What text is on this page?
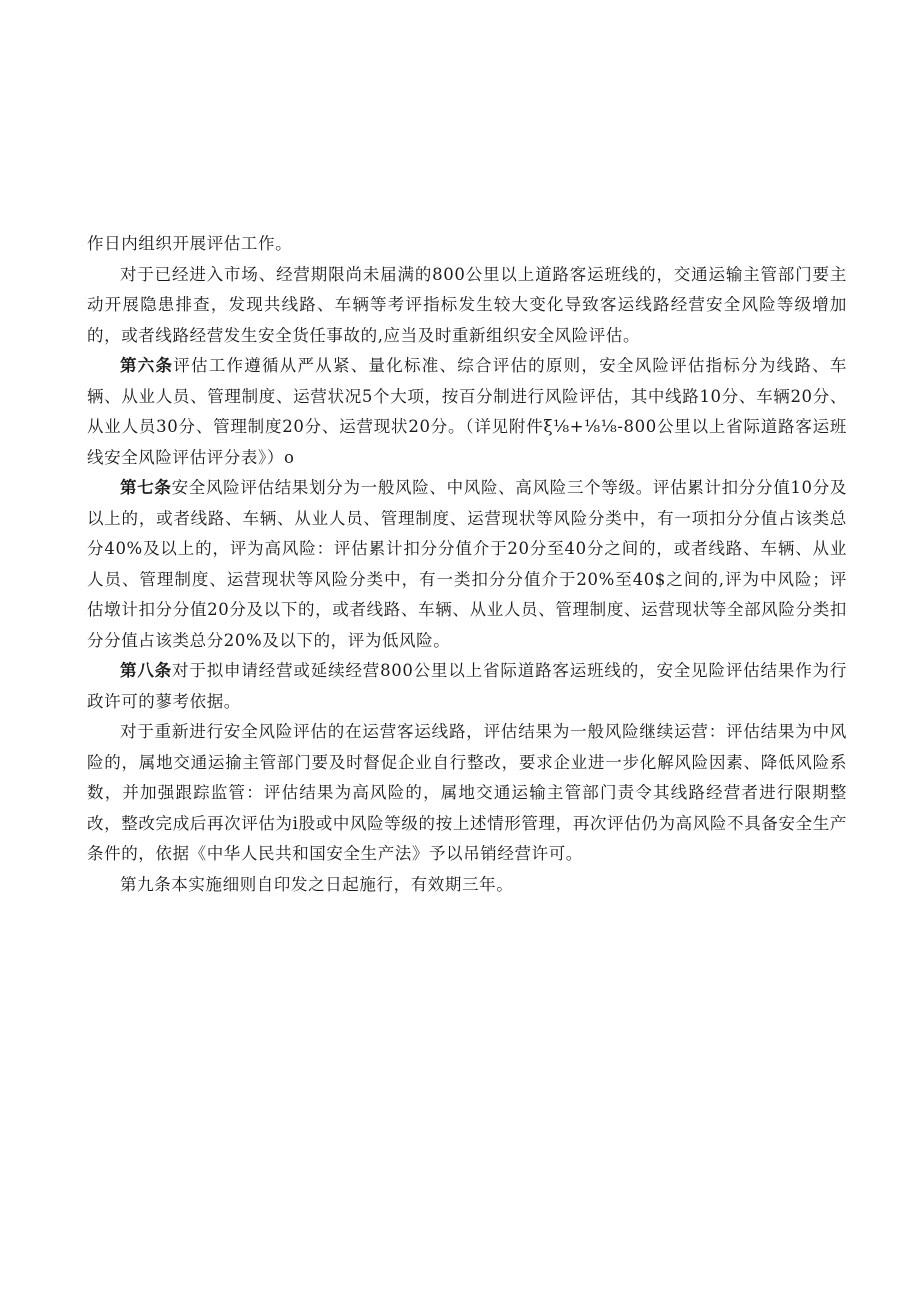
作日内组织开展评估工作。

对于已经进入市场、经营期限尚未届满的800公里以上道路客运班线的，交通运输主管部门要主动开展隐患排查，发现共线路、车辆等考评指标发生较大变化导致客运线路经营安全风险等级增加的，或者线路经营发生安全货任事故的,应当及时重新组织安全风险评估。

第六条评估工作遵循从严从紧、量化标准、综合评估的原则，安全风险评估指标分为线路、车辆、从业人员、管理制度、运营状况5个大项，按百分制进行风险评估，其中线路10分、车辆20分、从业人员30分、管理制度20分、运营现状20分。（详见附件ξ⅛+⅛⅛-800公里以上省际道路客运班线安全风险评估评分表》）o

第七条安全风险评估结果划分为一般风险、中风险、高风险三个等级。评估累计扣分分值10分及以上的，或者线路、车辆、从业人员、管理制度、运营现状等风险分类中，有一项扣分分值占该类总分40%及以上的，评为高风险：评估累计扣分分值介于20分至40分之间的，或者线路、车辆、从业人员、管理制度、运营现状等风险分类中，有一类扣分分值介于20%至40$之间的,评为中风险；评估墩计扣分分值20分及以下的，或者线路、车辆、从业人员、管理制度、运营现状等全部风险分类扣分分值占该类总分20%及以下的，评为低风险。

第八条对于拟申请经营或延续经营800公里以上省际道路客运班线的，安全见险评估结果作为行政许可的蓼考依据。

对于重新进行安全风险评估的在运营客运线路，评估结果为一般风险继续运营：评估结果为中风险的，属地交通运揄主管部门要及时督促企业自行整改，要求企业进一步化解风险因素、降低风险系数，并加强跟踪监管：评估结果为高风险的，属地交通运输主管部门责令其线路经营者进行限期整改，整改完成后再次评估为i股或中风险等级的按上述情形管理，再次评估仍为高风险不具备安全生产条件的，依据《中华人民共和国安全生产法》予以吊销经营许可。

第九条本实施细则自印发之日起施行，有效期三年。
